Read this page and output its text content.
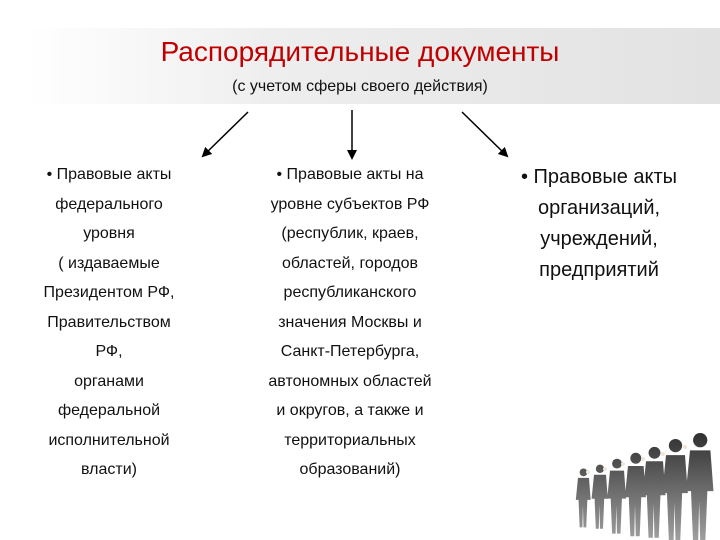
Распорядительные документы
(с учетом сферы своего действия)
• Правовые акты
федерального
уровня
( издаваемые
Президентом РФ,
Правительством
РФ,
органами
федеральной
исполнительной
власти)
• Правовые акты на
уровне субъектов РФ
(республик, краев,
областей, городов
республиканского
значения Москвы и
Санкт-Петербурга,
автономных областей
и округов, а также и
территориальных
образований)
• Правовые акты
организаций,
учреждений,
предприятий
